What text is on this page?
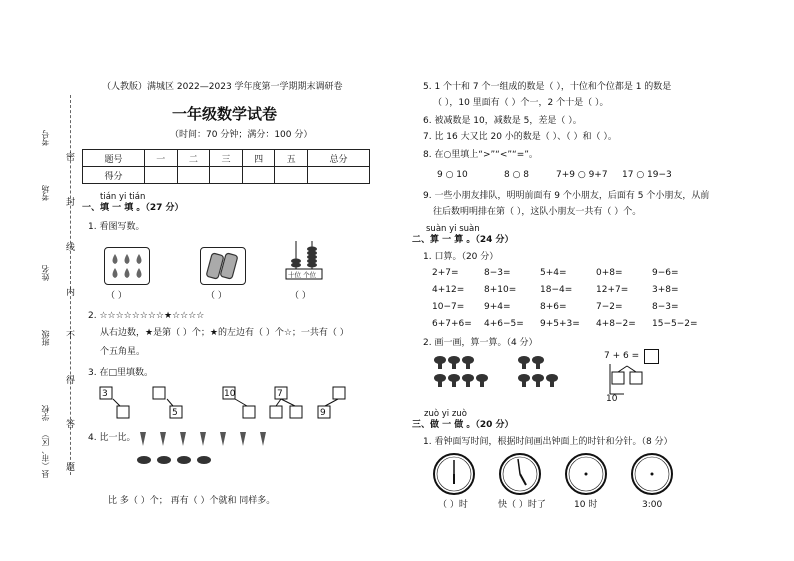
考号
考场
姓名
班级
学校
县（市、区）
密
封
线
内
不
得
答
题
（人教版）满城区 2022—2023 学年度第一学期期末调研卷
一年级数学试卷
（时间：70 分钟；满分：100 分）
题号	一	二	三	四	五	总分
得分						
tián yi tián
一、填 一 填 。（27 分）
1. 看图写数。
十位 个位
（ ）	（ ）	（ ）
2. ☆☆☆☆☆☆☆☆★☆☆☆☆
从右边数，★是第（ ）个；★的左边有（ ）个☆；一共有（ ）
个五角星。
3. 在□里填数。
3
5
10	7
9
4. 比一比。
比 多（ ）个； 再有（ ）个就和 同样多。
5. 1 个十和 7 个一组成的数是（ ），十位和个位都是 1 的数是
（ ），10 里面有（ ）个一，2 个十是（ ）。
6. 被减数是 10，减数是 5，差是（ ）。
7. 比 16 大又比 20 小的数是（ ）、（ ）和（ ）。
8. 在○里填上“>”“<”“=”。
9 ○ 10	8 ○ 8	7+9 ○ 9+7 17 ○ 19−3
9. 一些小朋友排队，明明前面有 9 个小朋友，后面有 5 个小朋友，从前
往后数明明排在第（ ），这队小朋友一共有（ ）个。
suàn yi suàn
二、算 一 算 。（24 分）
1. 口算。（20 分）
2+7=	8−3=	5+4=	0+8=	9−6=
4+12= 8+10=	18−4=	12+7=	3+8=
10−7= 9+4=	8+6=	7−2=	8−3=
6+7+6= 4+6−5= 9+5+3= 4+8−2= 15−5−2=
2. 画一画，算一算。（4 分）
7 + 6 =
10
zuò yi zuò
三、做 一 做 。（20 分）
1. 看钟面写时间，根据时间画出钟面上的时针和分针。（8 分）
（ ）时	快（ ）时了	10 时	3:00
